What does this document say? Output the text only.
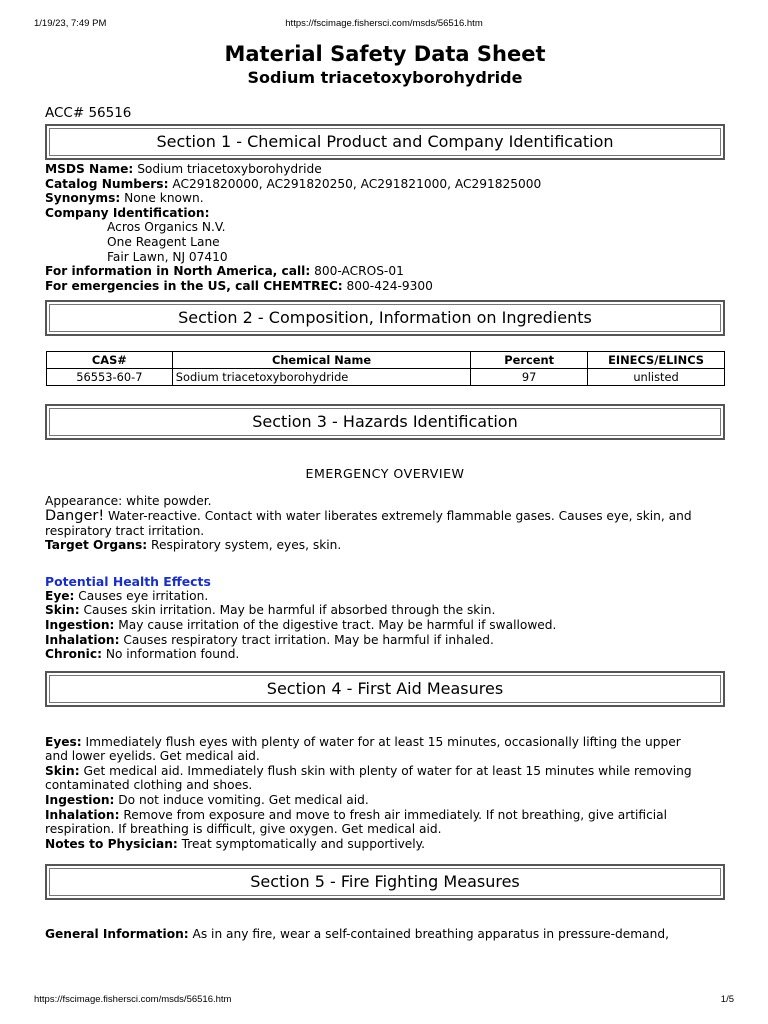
1/19/23, 7:49 PM	https://fscimage.fishersci.com/msds/56516.htm
Material Safety Data Sheet
Sodium triacetoxyborohydride
ACC# 56516
Section 1 - Chemical Product and Company Identification
MSDS Name: Sodium triacetoxyborohydride
Catalog Numbers: AC291820000, AC291820250, AC291821000, AC291825000
Synonyms: None known.
Company Identification:
Acros Organics N.V.
One Reagent Lane
Fair Lawn, NJ 07410
For information in North America, call: 800-ACROS-01
For emergencies in the US, call CHEMTREC: 800-424-9300
Section 2 - Composition, Information on Ingredients
CAS#	Chemical Name	Percent	EINECS/ELINCS
56553-60-7	Sodium triacetoxyborohydride	97	unlisted
Section 3 - Hazards Identification
EMERGENCY OVERVIEW
Appearance: white powder.
Danger! Water-reactive. Contact with water liberates extremely flammable gases. Causes eye, skin, and
respiratory tract irritation.
Target Organs: Respiratory system, eyes, skin.
Potential Health Effects
Eye: Causes eye irritation.
Skin: Causes skin irritation. May be harmful if absorbed through the skin.
Ingestion: May cause irritation of the digestive tract. May be harmful if swallowed.
Inhalation: Causes respiratory tract irritation. May be harmful if inhaled.
Chronic: No information found.
Section 4 - First Aid Measures
Eyes: Immediately flush eyes with plenty of water for at least 15 minutes, occasionally lifting the upper
and lower eyelids. Get medical aid.
Skin: Get medical aid. Immediately flush skin with plenty of water for at least 15 minutes while removing
contaminated clothing and shoes.
Ingestion: Do not induce vomiting. Get medical aid.
Inhalation: Remove from exposure and move to fresh air immediately. If not breathing, give artificial
respiration. If breathing is difficult, give oxygen. Get medical aid.
Notes to Physician: Treat symptomatically and supportively.
Section 5 - Fire Fighting Measures
General Information: As in any fire, wear a self-contained breathing apparatus in pressure-demand,
https://fscimage.fishersci.com/msds/56516.htm	1/5
